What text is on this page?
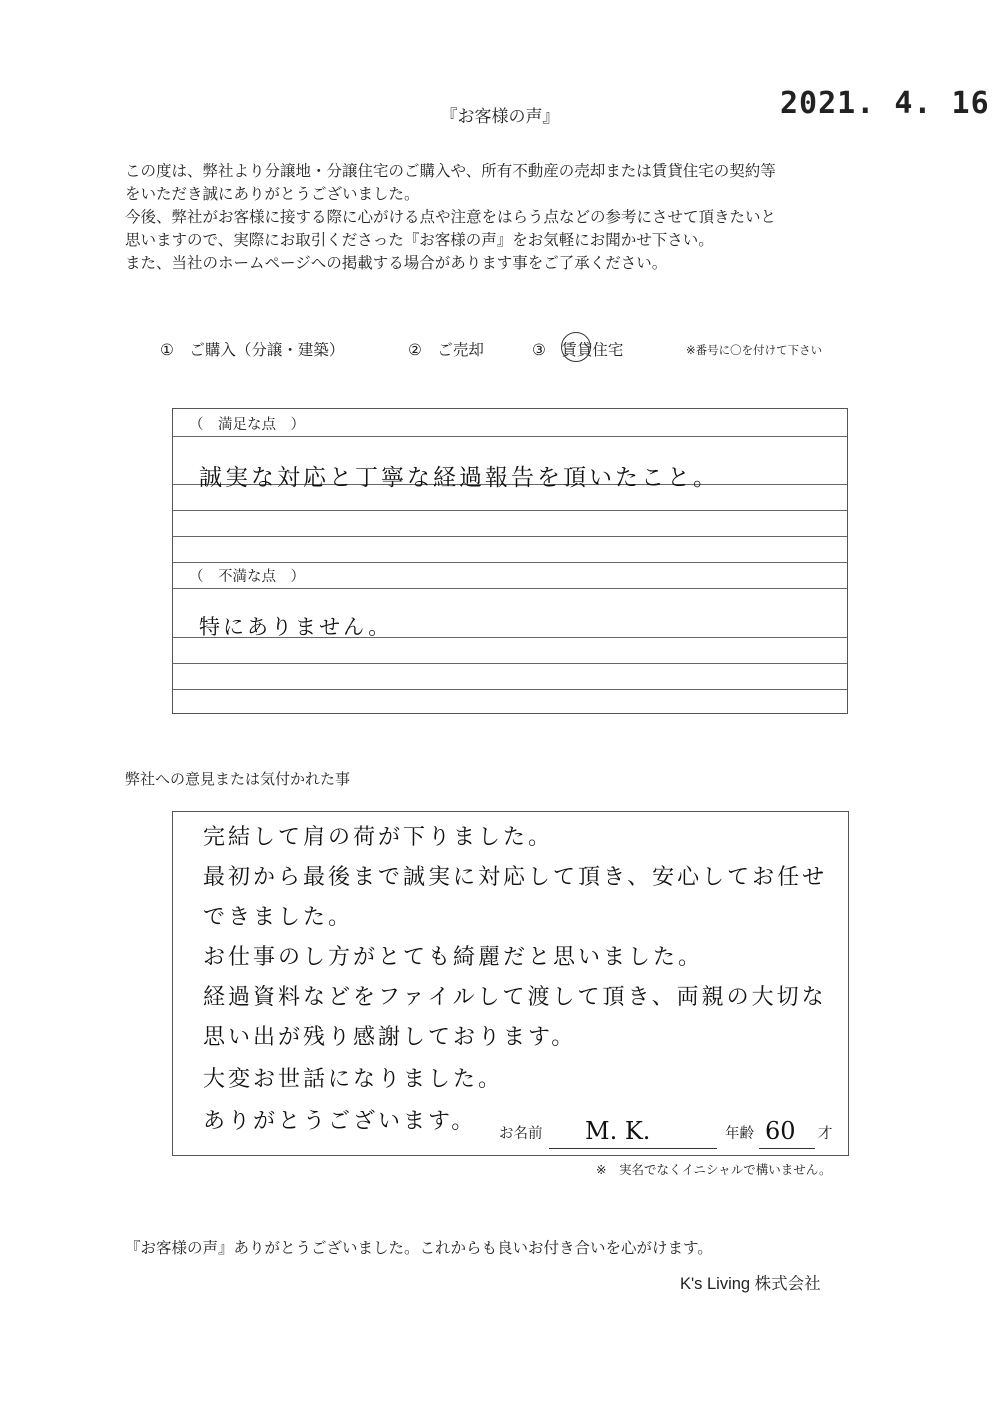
『お客様の声』	2021. 4. 16

この度は、弊社より分譲地・分譲住宅のご購入や、所有不動産の売却または賃貸住宅の契約等

をいただき誠にありがとうございました。

今後、弊社がお客様に接する際に心がける点や注意をはらう点などの参考にさせて頂きたいと

思いますので、実際にお取引くださった『お客様の声』をお気軽にお聞かせ下さい。

また、当社のホームページへの掲載する場合があります事をご了承ください。

①　ご購入（分譲・建築）	②　ご売却	③　賃貸住宅	※番号に〇を付けて下さい
（　満足な点　）
誠実な対応と丁寧な経過報告を頂いたこと。
（　不満な点　）
特にありません。
弊社への意見または気付かれた事
完結して肩の荷が下りました。
最初から最後まで誠実に対応して頂き、安心してお任せ
できました。
お仕事のし方がとても綺麗だと思いました。
経過資料などをファイルして渡して頂き、両親の大切な
思い出が残り感謝しております。
大変お世話になりました。
ありがとうございます。 お名前 M. K.	年齢 60 才
※　実名でなくイニシャルで構いません。
『お客様の声』ありがとうございました。これからも良いお付き合いを心がけます。
K's Living 株式会社
